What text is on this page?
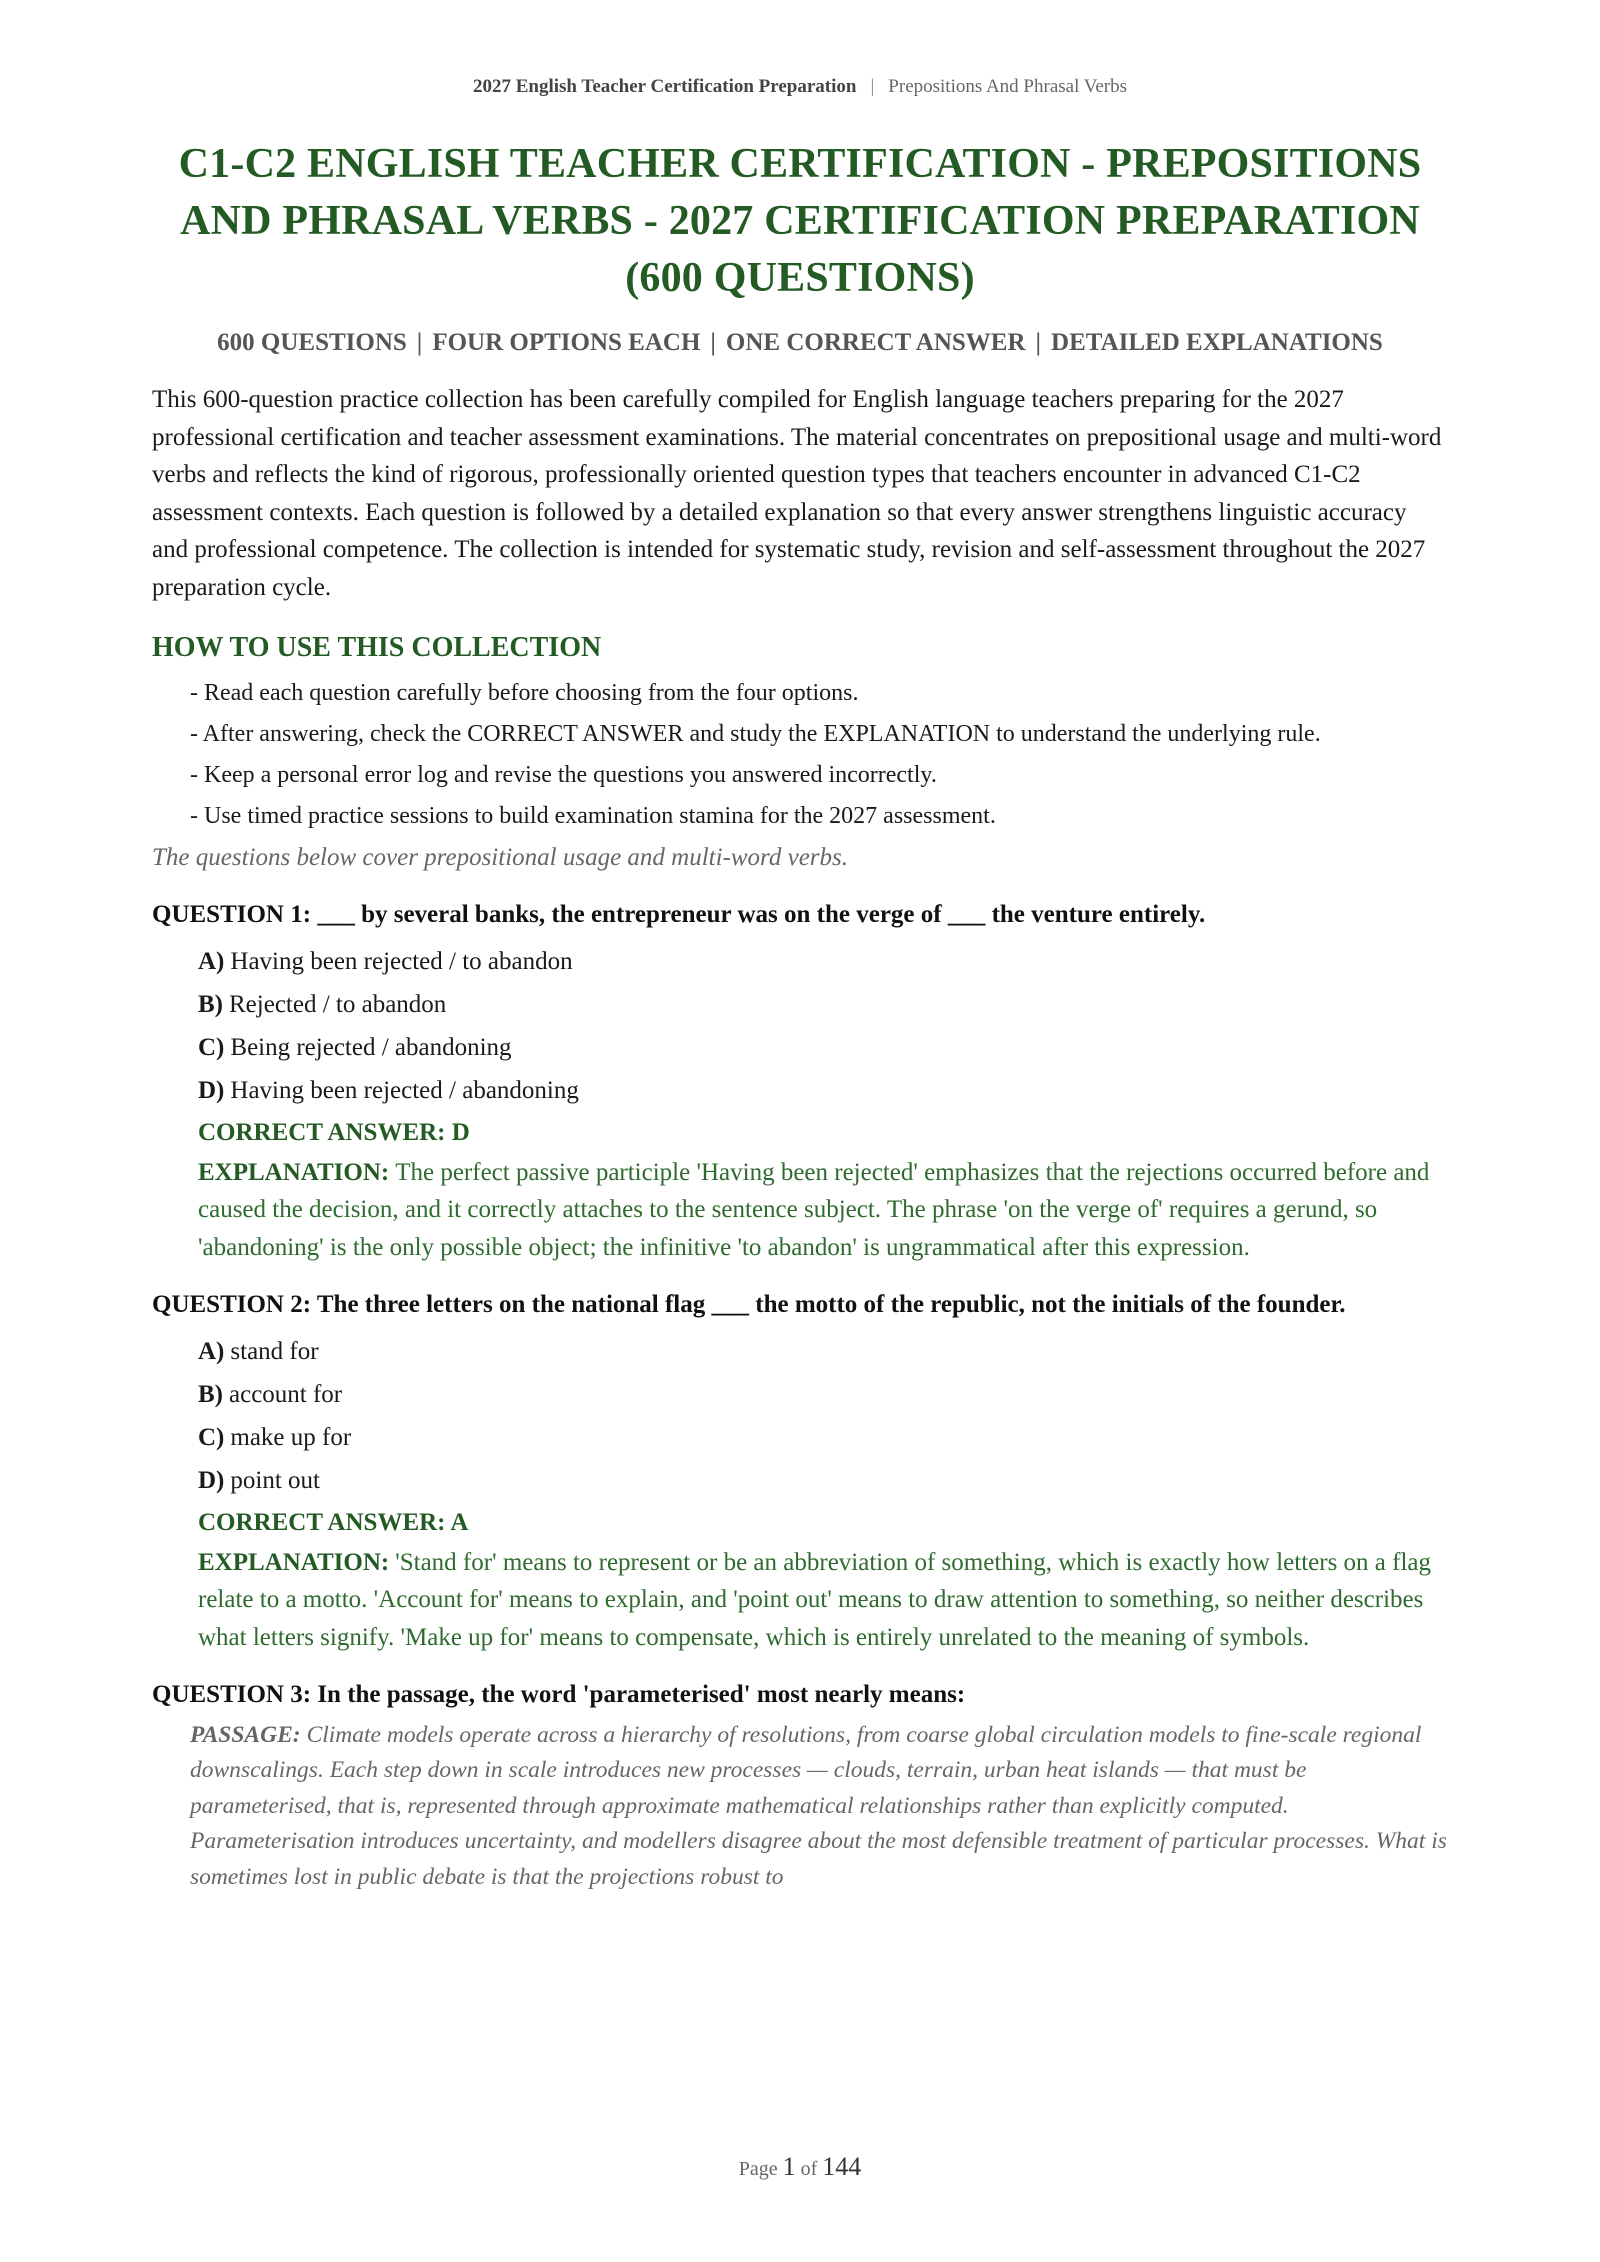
2027 English Teacher Certification Preparation | Prepositions And Phrasal Verbs
C1-C2 ENGLISH TEACHER CERTIFICATION - PREPOSITIONS AND PHRASAL VERBS - 2027 CERTIFICATION PREPARATION (600 QUESTIONS)
600 QUESTIONS | FOUR OPTIONS EACH | ONE CORRECT ANSWER | DETAILED EXPLANATIONS
This 600-question practice collection has been carefully compiled for English language teachers preparing for the 2027 professional certification and teacher assessment examinations. The material concentrates on prepositional usage and multi-word verbs and reflects the kind of rigorous, professionally oriented question types that teachers encounter in advanced C1-C2 assessment contexts. Each question is followed by a detailed explanation so that every answer strengthens linguistic accuracy and professional competence. The collection is intended for systematic study, revision and self-assessment throughout the 2027 preparation cycle.
HOW TO USE THIS COLLECTION
- Read each question carefully before choosing from the four options.
- After answering, check the CORRECT ANSWER and study the EXPLANATION to understand the underlying rule.
- Keep a personal error log and revise the questions you answered incorrectly.
- Use timed practice sessions to build examination stamina for the 2027 assessment.
The questions below cover prepositional usage and multi-word verbs.
QUESTION 1: ___ by several banks, the entrepreneur was on the verge of ___ the venture entirely.
A) Having been rejected / to abandon
B) Rejected / to abandon
C) Being rejected / abandoning
D) Having been rejected / abandoning
CORRECT ANSWER: D
EXPLANATION: The perfect passive participle 'Having been rejected' emphasizes that the rejections occurred before and caused the decision, and it correctly attaches to the sentence subject. The phrase 'on the verge of' requires a gerund, so 'abandoning' is the only possible object; the infinitive 'to abandon' is ungrammatical after this expression.
QUESTION 2: The three letters on the national flag ___ the motto of the republic, not the initials of the founder.
A) stand for
B) account for
C) make up for
D) point out
CORRECT ANSWER: A
EXPLANATION: 'Stand for' means to represent or be an abbreviation of something, which is exactly how letters on a flag relate to a motto. 'Account for' means to explain, and 'point out' means to draw attention to something, so neither describes what letters signify. 'Make up for' means to compensate, which is entirely unrelated to the meaning of symbols.
QUESTION 3: In the passage, the word 'parameterised' most nearly means:
PASSAGE: Climate models operate across a hierarchy of resolutions, from coarse global circulation models to fine-scale regional downscalings. Each step down in scale introduces new processes — clouds, terrain, urban heat islands — that must be parameterised, that is, represented through approximate mathematical relationships rather than explicitly computed. Parameterisation introduces uncertainty, and modellers disagree about the most defensible treatment of particular processes. What is sometimes lost in public debate is that the projections robust to
Page 1 of 144
